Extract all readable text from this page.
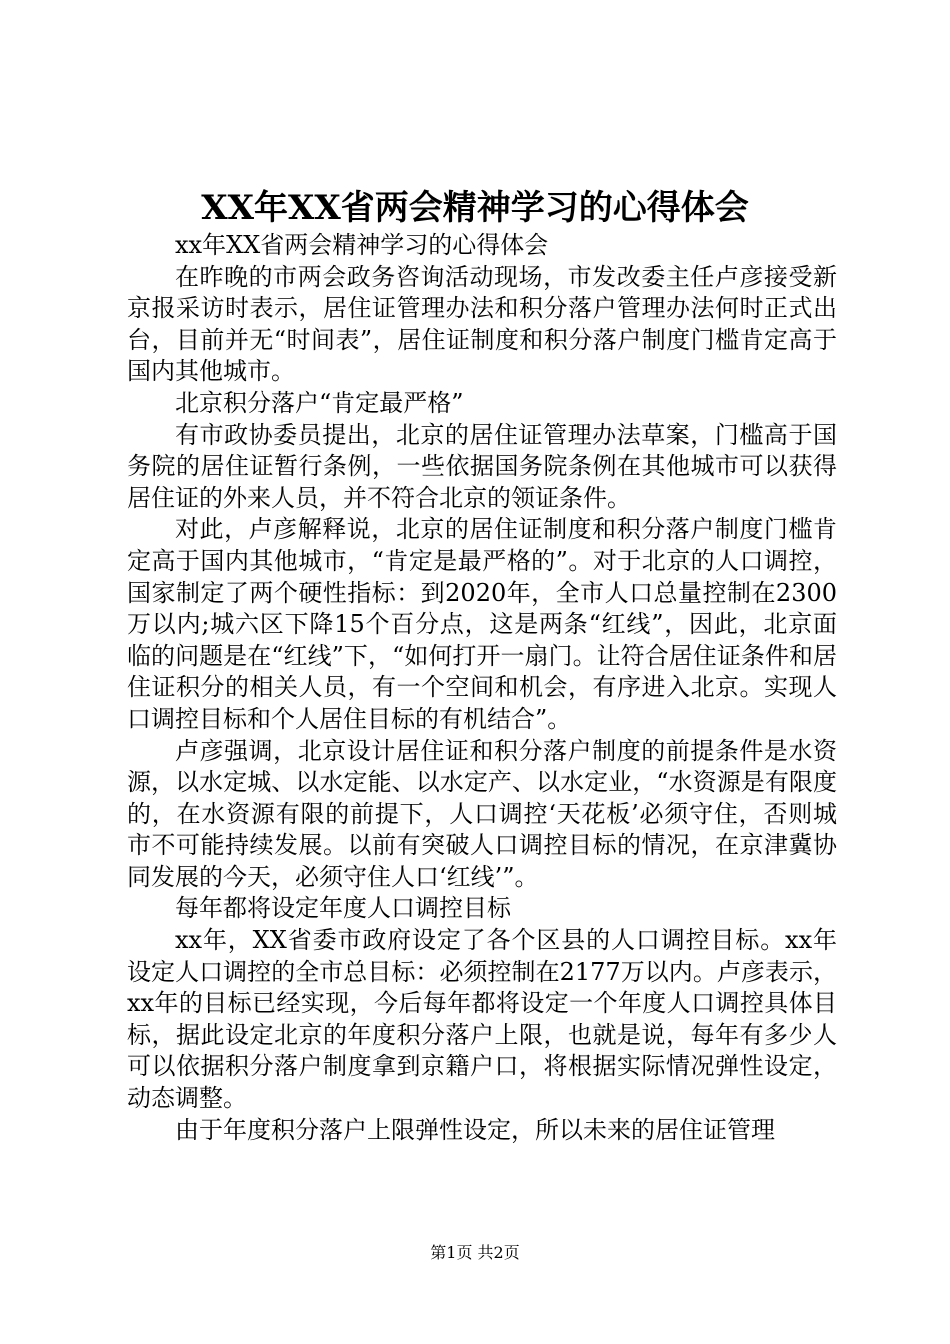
XX年XX省两会精神学习的心得体会

xx年XX省两会精神学习的心得体会

在昨晚的市两会政务咨询活动现场，市发改委主任卢彦接受新京报采访时表示，居住证管理办法和积分落户管理办法何时正式出台，目前并无“时间表”，居住证制度和积分落户制度门槛肯定高于国内其他城市。

北京积分落户“肯定最严格”

有市政协委员提出，北京的居住证管理办法草案，门槛高于国务院的居住证暂行条例，一些依据国务院条例在其他城市可以获得居住证的外来人员，并不符合北京的领证条件。

对此，卢彦解释说，北京的居住证制度和积分落户制度门槛肯定高于国内其他城市，“肯定是最严格的”。对于北京的人口调控，国家制定了两个硬性指标：到2020年，全市人口总量控制在2300万以内;城六区下降15个百分点，这是两条“红线”，因此，北京面临的问题是在“红线”下，“如何打开一扇门。让符合居住证条件和居住证积分的相关人员，有一个空间和机会，有序进入北京。实现人口调控目标和个人居住目标的有机结合”。

卢彦强调，北京设计居住证和积分落户制度的前提条件是水资源，以水定城、以水定能、以水定产、以水定业，“水资源是有限度的，在水资源有限的前提下，人口调控‘天花板’必须守住，否则城市不可能持续发展。以前有突破人口调控目标的情况，在京津冀协同发展的今天，必须守住人口‘红线’”。

每年都将设定年度人口调控目标

xx年，XX省委市政府设定了各个区县的人口调控目标。xx年设定人口调控的全市总目标：必须控制在2177万以内。卢彦表示，xx年的目标已经实现，今后每年都将设定一个年度人口调控具体目标，据此设定北京的年度积分落户上限，也就是说，每年有多少人可以依据积分落户制度拿到京籍户口，将根据实际情况弹性设定，动态调整。

由于年度积分落户上限弹性设定，所以未来的居住证管理

第1页 共2页
